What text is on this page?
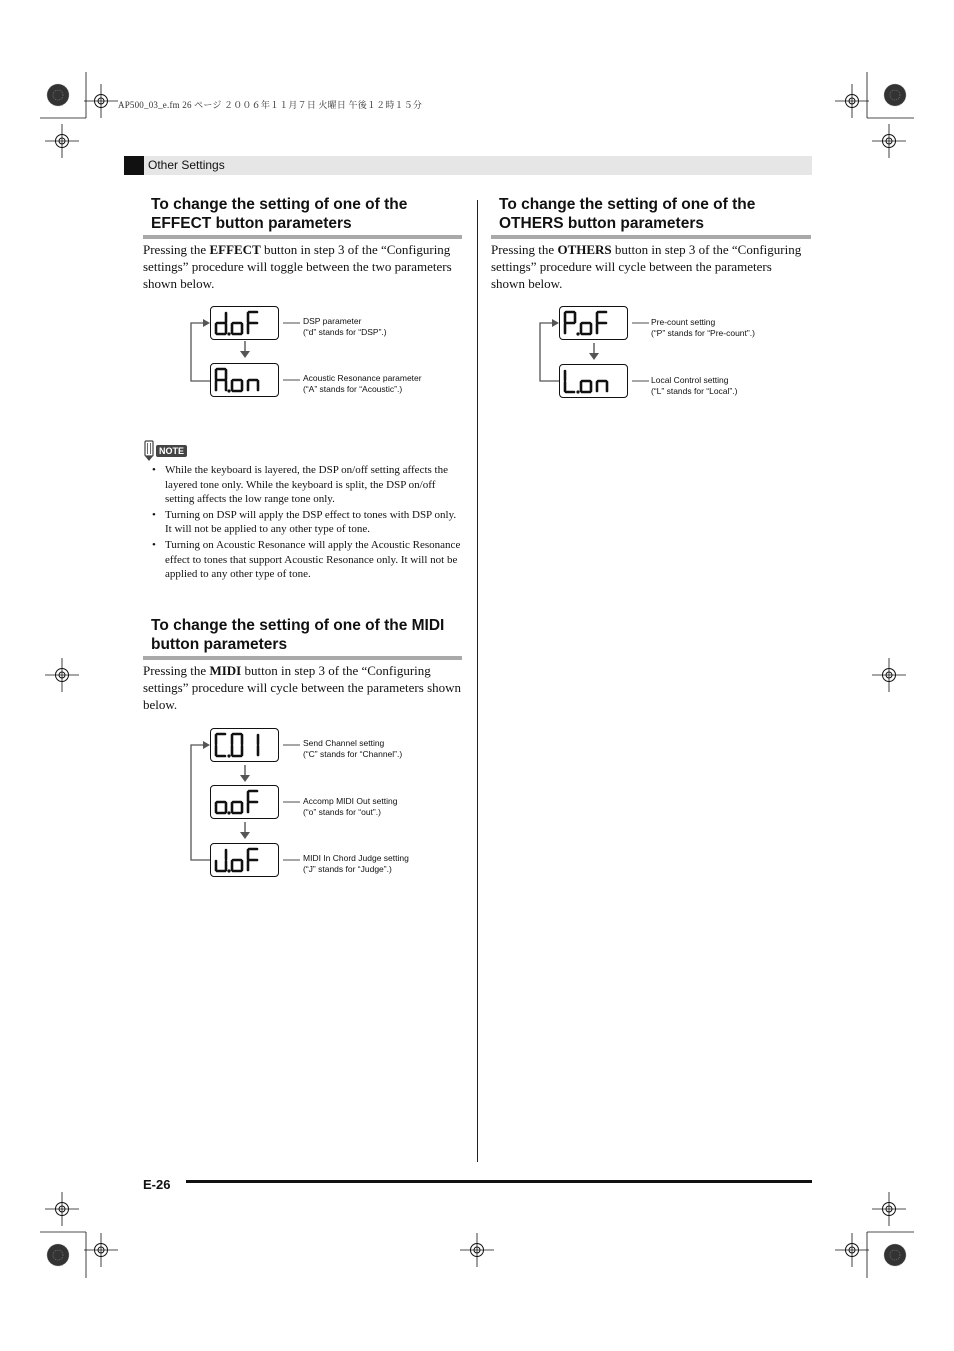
AP500_03_e.fm 26 ページ ２００６年１１月７日 火曜日 午後１２時１５分
Other Settings
To change the setting of one of the
EFFECT button parameters

Pressing the EFFECT button in step 3 of the “Configuring settings” procedure will toggle between the two parameters shown below.

DSP parameter
(“d” stands for “DSP”.)
Acoustic Resonance parameter
(“A” stands for “Acoustic”.)
NOTE
• While the keyboard is layered, the DSP on/off setting affects the layered tone only. While the keyboard is split, the DSP on/off setting affects the low range tone only.
• Turning on DSP will apply the DSP effect to tones with DSP only. It will not be applied to any other type of tone.
• Turning on Acoustic Resonance will apply the Acoustic Resonance effect to tones that support Acoustic Resonance only. It will not be applied to any other type of tone.
To change the setting of one of the MIDI
button parameters

Pressing the MIDI button in step 3 of the “Configuring settings” procedure will cycle between the parameters shown below.

Send Channel setting
(“C” stands for “Channel”.)
Accomp MIDI Out setting
(“o” stands for “out”.)
MIDI In Chord Judge setting
(“J” stands for “Judge”.)
To change the setting of one of the
OTHERS button parameters

Pressing the OTHERS button in step 3 of the “Configuring settings” procedure will cycle between the parameters shown below.

Pre-count setting
(“P” stands for “Pre-count”.)
Local Control setting
(“L” stands for “Local”.)
E-26
